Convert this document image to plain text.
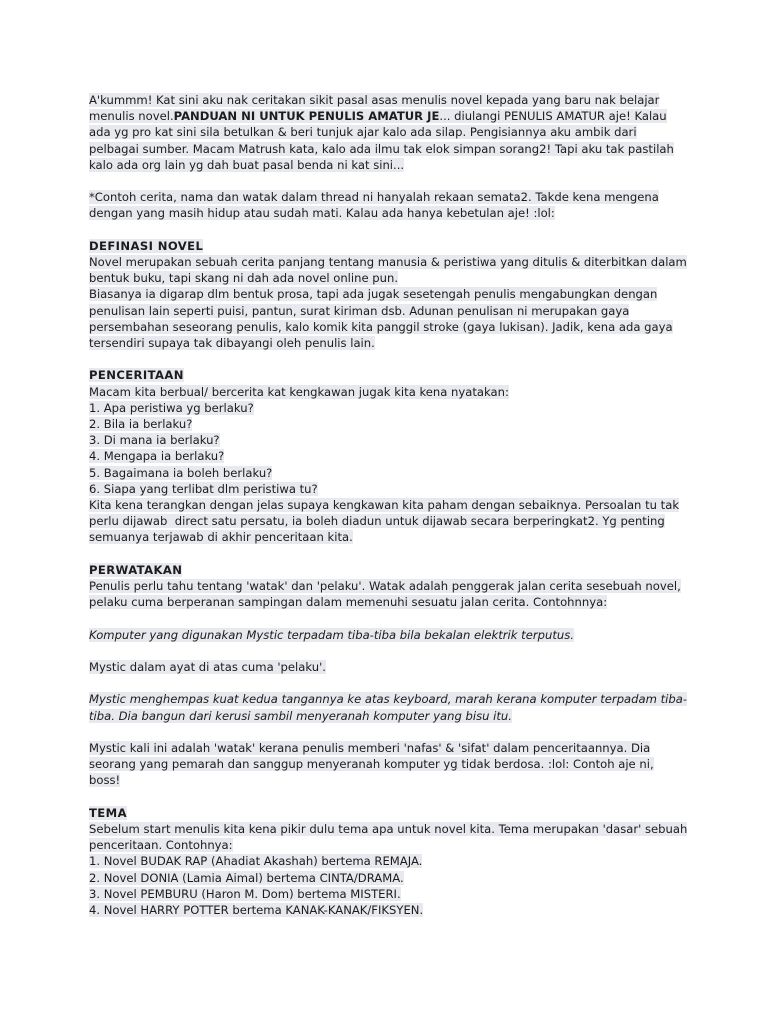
A'kummm! Kat sini aku nak ceritakan sikit pasal asas menulis novel kepada yang baru nak belajar
menulis novel.PANDUAN NI UNTUK PENULIS AMATUR JE... diulangi PENULIS AMATUR aje! Kalau
ada yg pro kat sini sila betulkan & beri tunjuk ajar kalo ada silap. Pengisiannya aku ambik dari
pelbagai sumber. Macam Matrush kata, kalo ada ilmu tak elok simpan sorang2! Tapi aku tak pastilah
kalo ada org lain yg dah buat pasal benda ni kat sini...
*Contoh cerita, nama dan watak dalam thread ni hanyalah rekaan semata2. Takde kena mengena
dengan yang masih hidup atau sudah mati. Kalau ada hanya kebetulan aje! :lol:
DEFINASI NOVEL
Novel merupakan sebuah cerita panjang tentang manusia & peristiwa yang ditulis & diterbitkan dalam
bentuk buku, tapi skang ni dah ada novel online pun.
Biasanya ia digarap dlm bentuk prosa, tapi ada jugak sesetengah penulis mengabungkan dengan
penulisan lain seperti puisi, pantun, surat kiriman dsb. Adunan penulisan ni merupakan gaya
persembahan seseorang penulis, kalo komik kita panggil stroke (gaya lukisan). Jadik, kena ada gaya
tersendiri supaya tak dibayangi oleh penulis lain.
PENCERITAAN
Macam kita berbual/ bercerita kat kengkawan jugak kita kena nyatakan:
1. Apa peristiwa yg berlaku?
2. Bila ia berlaku?
3. Di mana ia berlaku?
4. Mengapa ia berlaku?
5. Bagaimana ia boleh berlaku?
6. Siapa yang terlibat dlm peristiwa tu?
Kita kena terangkan dengan jelas supaya kengkawan kita paham dengan sebaiknya. Persoalan tu tak
perlu dijawab  direct satu persatu, ia boleh diadun untuk dijawab secara berperingkat2. Yg penting
semuanya terjawab di akhir penceritaan kita.
PERWATAKAN
Penulis perlu tahu tentang 'watak' dan 'pelaku'. Watak adalah penggerak jalan cerita sesebuah novel,
pelaku cuma berperanan sampingan dalam memenuhi sesuatu jalan cerita. Contohnnya:
Komputer yang digunakan Mystic terpadam tiba-tiba bila bekalan elektrik terputus.
Mystic dalam ayat di atas cuma 'pelaku'.
Mystic menghempas kuat kedua tangannya ke atas keyboard, marah kerana komputer terpadam tiba-
tiba. Dia bangun dari kerusi sambil menyeranah komputer yang bisu itu.
Mystic kali ini adalah 'watak' kerana penulis memberi 'nafas' & 'sifat' dalam penceritaannya. Dia
seorang yang pemarah dan sanggup menyeranah komputer yg tidak berdosa. :lol: Contoh aje ni,
boss!
TEMA
Sebelum start menulis kita kena pikir dulu tema apa untuk novel kita. Tema merupakan 'dasar' sebuah
penceritaan. Contohnya:
1. Novel BUDAK RAP (Ahadiat Akashah) bertema REMAJA.
2. Novel DONIA (Lamia Aimal) bertema CINTA/DRAMA.
3. Novel PEMBURU (Haron M. Dom) bertema MISTERI.
4. Novel HARRY POTTER bertema KANAK-KANAK/FIKSYEN.
